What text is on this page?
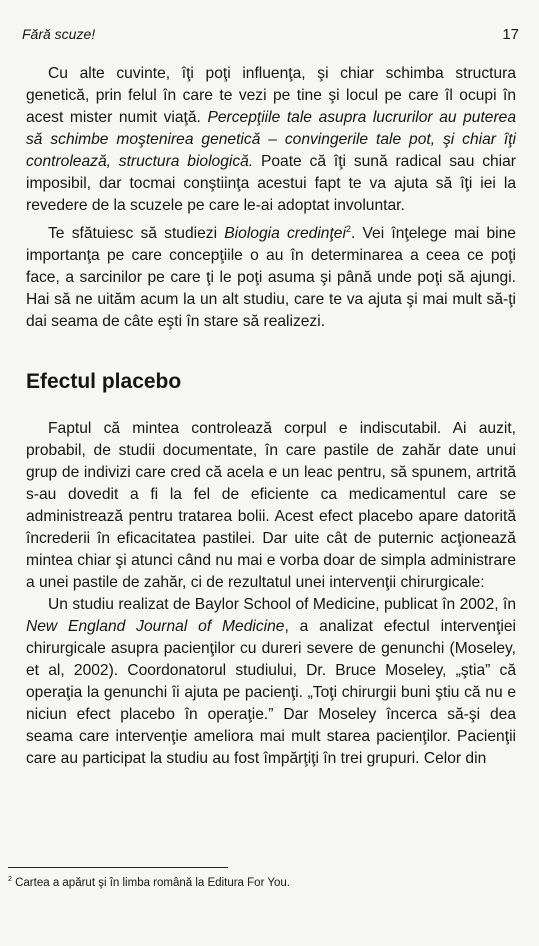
Fără scuze!	17

Cu alte cuvinte, îţi poţi influenţa, şi chiar schimba structura genetică, prin felul în care te vezi pe tine şi locul pe care îl ocupi în acest mister numit viaţă. Percepţiile tale asupra lucrurilor au puterea să schimbe moştenirea genetică – convingerile tale pot, şi chiar îţi controlează, structura biologică. Poate că îţi sună radical sau chiar imposibil, dar tocmai conştiinţa acestui fapt te va ajuta să îţi iei la revedere de la scuzele pe care le-ai adoptat involuntar.

Te sfătuiesc să studiezi Biologia credinţei$^2$. Vei înţelege mai bine importanţa pe care concepţiile o au în determinarea a ceea ce poţi face, a sarcinilor pe care ţi le poţi asuma şi până unde poţi să ajungi. Hai să ne uităm acum la un alt studiu, care te va ajuta şi mai mult să-ţi dai seama de câte eşti în stare să realizezi.

Efectul placebo

Faptul că mintea controlează corpul e indiscutabil. Ai auzit, probabil, de studii documentate, în care pastile de zahăr date unui grup de indivizi care cred că acela e un leac pentru, să spunem, artrită s-au dovedit a fi la fel de eficiente ca medicamentul care se administrează pentru tratarea bolii. Acest efect placebo apare datorită încrederii în eficacitatea pastilei. Dar uite cât de puternic acţionează mintea chiar şi atunci când nu mai e vorba doar de simpla administrare a unei pastile de zahăr, ci de rezultatul unei intervenţii chirurgicale:

Un studiu realizat de Baylor School of Medicine, publicat în 2002, în New England Journal of Medicine, a analizat efectul intervenţiei chirurgicale asupra pacienţilor cu dureri severe de genunchi (Moseley, et al, 2002). Coordonatorul studiului, Dr. Bruce Moseley, „ştia” că operaţia la genunchi îi ajuta pe pacienţi. „Toţi chirurgii buni ştiu că nu e niciun efect placebo în operaţie.” Dar Moseley încerca să-şi dea seama care intervenţie ameliora mai mult starea pacienţilor. Pacienţii care au participat la studiu au fost împărţiţi în trei grupuri. Celor din

$^2$ Cartea a apărut şi în limba română la Editura For You.
